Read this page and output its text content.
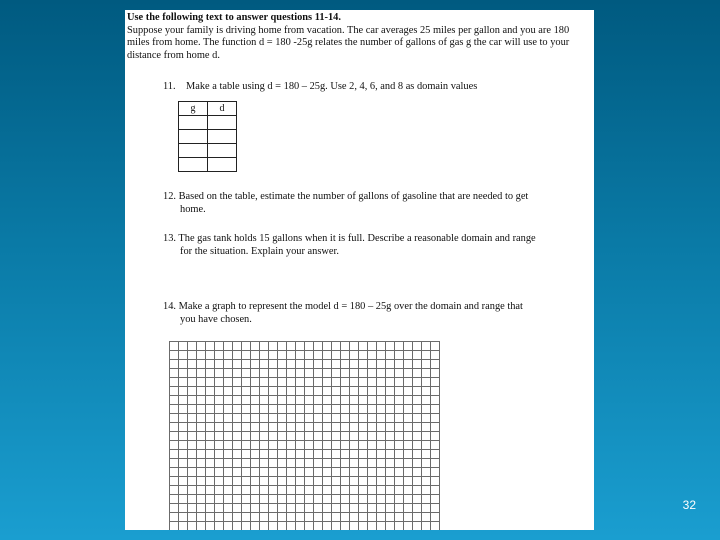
Use the following text to answer questions 11-14.
Suppose your family is driving home from vacation. The car averages 25 miles per gallon and you are 180 miles from home. The function d = 180 -25g relates the number of gallons of gas g the car will use to your distance from home d.
11. Make a table using d = 180 – 25g. Use 2, 4, 6, and 8 as domain values
g	d

12. Based on the table, estimate the number of gallons of gasoline that are needed to get
home.
13. The gas tank holds 15 gallons when it is full. Describe a reasonable domain and range
for the situation. Explain your answer.
14. Make a graph to represent the model d = 180 – 25g over the domain and range that
you have chosen.
32
